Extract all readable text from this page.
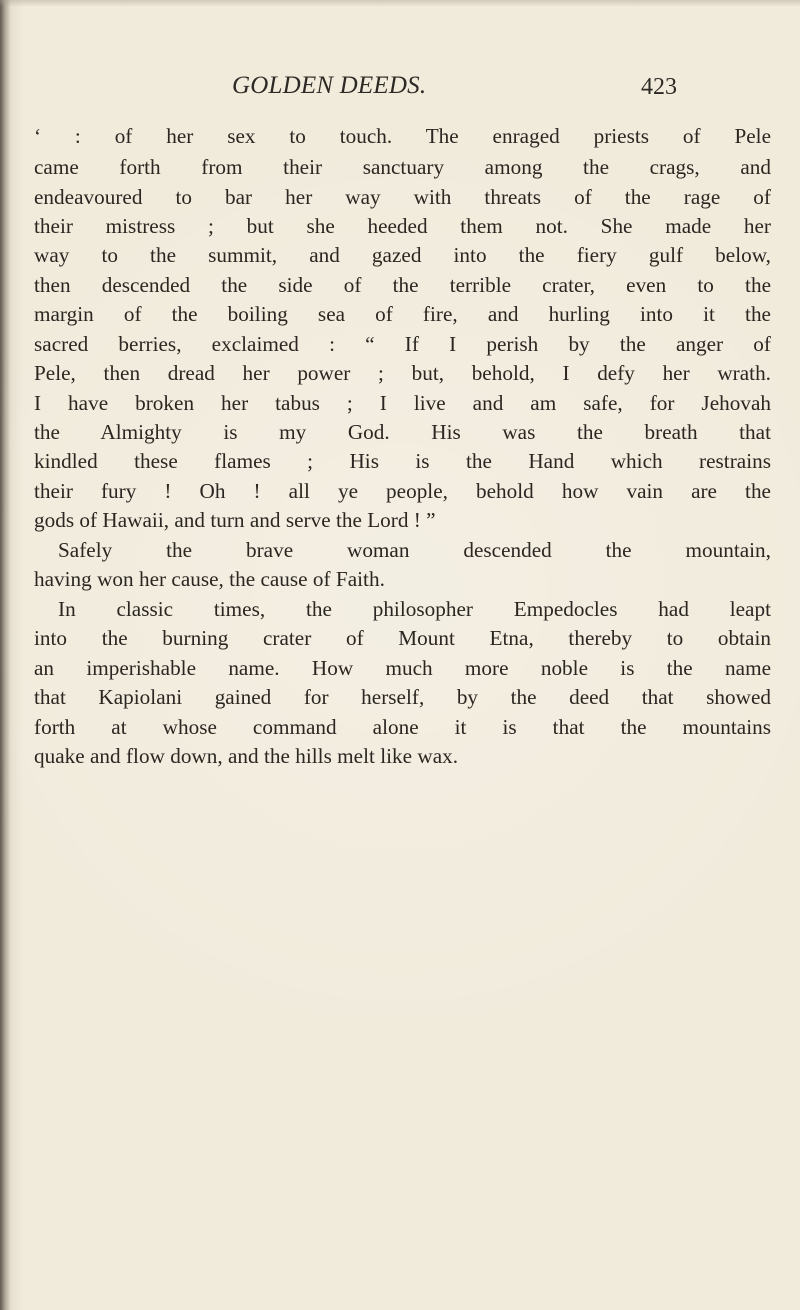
GOLDEN DEEDS.	423
‘ : of her sex to touch. The enraged priests of Pele
came forth from their sanctuary among the crags, and
endeavoured to bar her way with threats of the rage of
their mistress ; but she heeded them not. She made her
way to the summit, and gazed into the fiery gulf below,
then descended the side of the terrible crater, even to the
margin of the boiling sea of fire, and hurling into it the
sacred berries, exclaimed : “ If I perish by the anger of
Pele, then dread her power ; but, behold, I defy her wrath.
I have broken her tabus ; I live and am safe, for Jehovah
the Almighty is my God. His was the breath that
kindled these flames ; His is the Hand which restrains
their fury ! Oh ! all ye people, behold how vain are the
gods of Hawaii, and turn and serve the Lord ! ”
Safely the brave woman descended the mountain,
having won her cause, the cause of Faith.
In classic times, the philosopher Empedocles had leapt
into the burning crater of Mount Etna, thereby to obtain
an imperishable name. How much more noble is the name
that Kapiolani gained for herself, by the deed that showed
forth at whose command alone it is that the mountains
quake and flow down, and the hills melt like wax.
